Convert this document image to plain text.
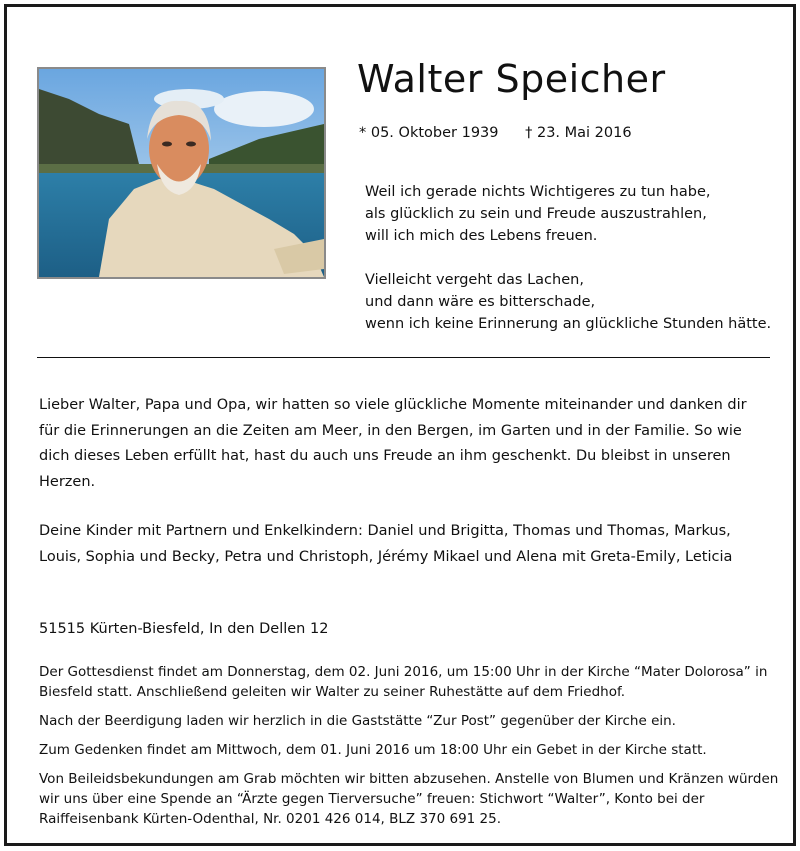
Walter Speicher
* 05. Oktober 1939 † 23. Mai 2016
Weil ich gerade nichts Wichtigeres zu tun habe,
als glücklich zu sein und Freude auszustrahlen,
will ich mich des Lebens freuen.
Vielleicht vergeht das Lachen,
und dann wäre es bitterschade,
wenn ich keine Erinnerung an glückliche Stunden hätte.

Lieber Walter, Papa und Opa, wir hatten so viele glückliche Momente miteinander und danken dir für die Erinnerungen an die Zeiten am Meer, in den Bergen, im Garten und in der Familie. So wie dich dieses Leben erfüllt hat, hast du auch uns Freude an ihm geschenkt. Du bleibst in unseren Herzen.

Deine Kinder mit Partnern und Enkelkindern: Daniel und Brigitta, Thomas und Thomas, Markus, Louis, Sophia und Becky, Petra und Christoph, Jérémy Mikael und Alena mit Greta-Emily, Leticia

51515 Kürten-Biesfeld, In den Dellen 12

Der Gottesdienst findet am Donnerstag, dem 02. Juni 2016, um 15:00 Uhr in der Kirche “Mater Dolorosa” in Biesfeld statt. Anschließend geleiten wir Walter zu seiner Ruhestätte auf dem Friedhof.

Nach der Beerdigung laden wir herzlich in die Gaststätte “Zur Post” gegenüber der Kirche ein.

Zum Gedenken findet am Mittwoch, dem 01. Juni 2016 um 18:00 Uhr ein Gebet in der Kirche statt.

Von Beileidsbekundungen am Grab möchten wir bitten abzusehen. Anstelle von Blumen und Kränzen würden wir uns über eine Spende an “Ärzte gegen Tierversuche” freuen: Stichwort “Walter”, Konto bei der Raiffeisenbank Kürten-Odenthal, Nr. 0201 426 014, BLZ 370 691 25.
